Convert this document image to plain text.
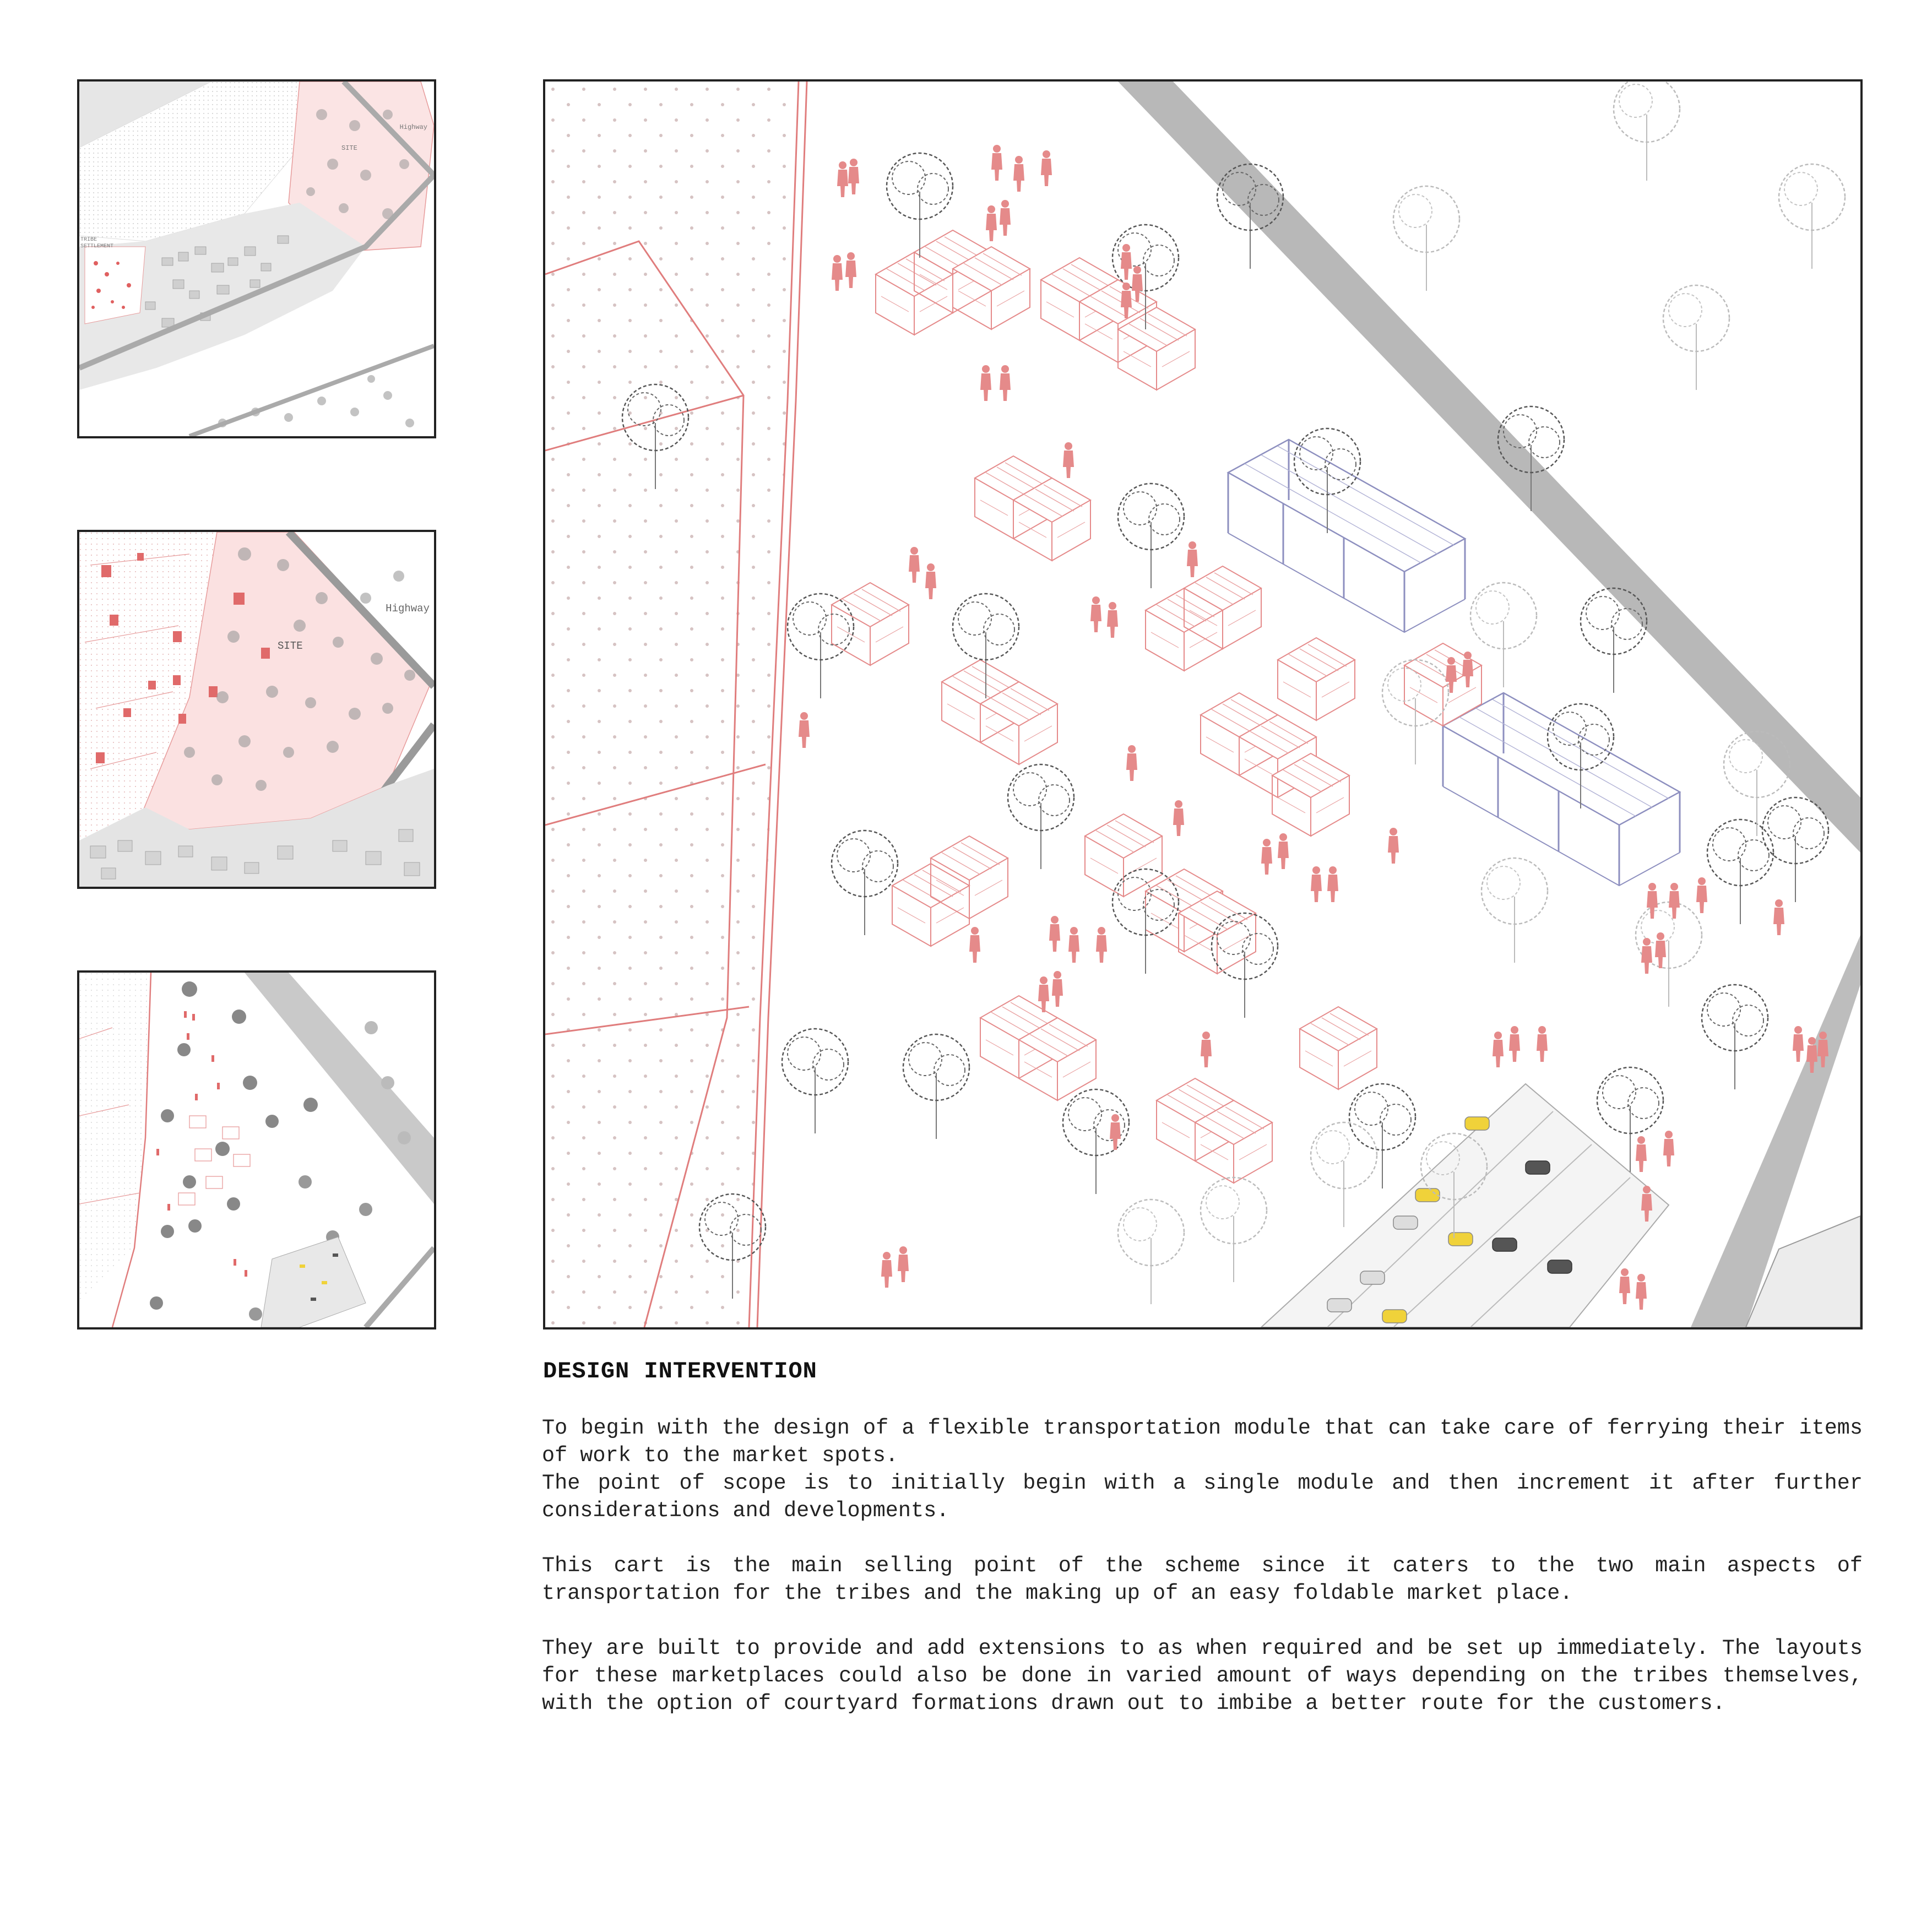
Highway
SITE
TRIBE SETTLEMENT
Highway
SITE
DESIGN INTERVENTION

To begin with the design of a flexible transportation module that can take care of ferrying their items of work to the market spots.
The point of scope is to initially begin with a single module and then increment it after further considerations and developments.

This cart is the main selling point of the scheme since it caters to the two main aspects of transportation for the tribes and the making up of an easy foldable market place.

They are built to provide and add extensions to as when required and be set up immediately. The layouts for these marketplaces could also be done in varied amount of ways depending on the tribes themselves, with the option of courtyard formations drawn out to imbibe a better route for the customers.
